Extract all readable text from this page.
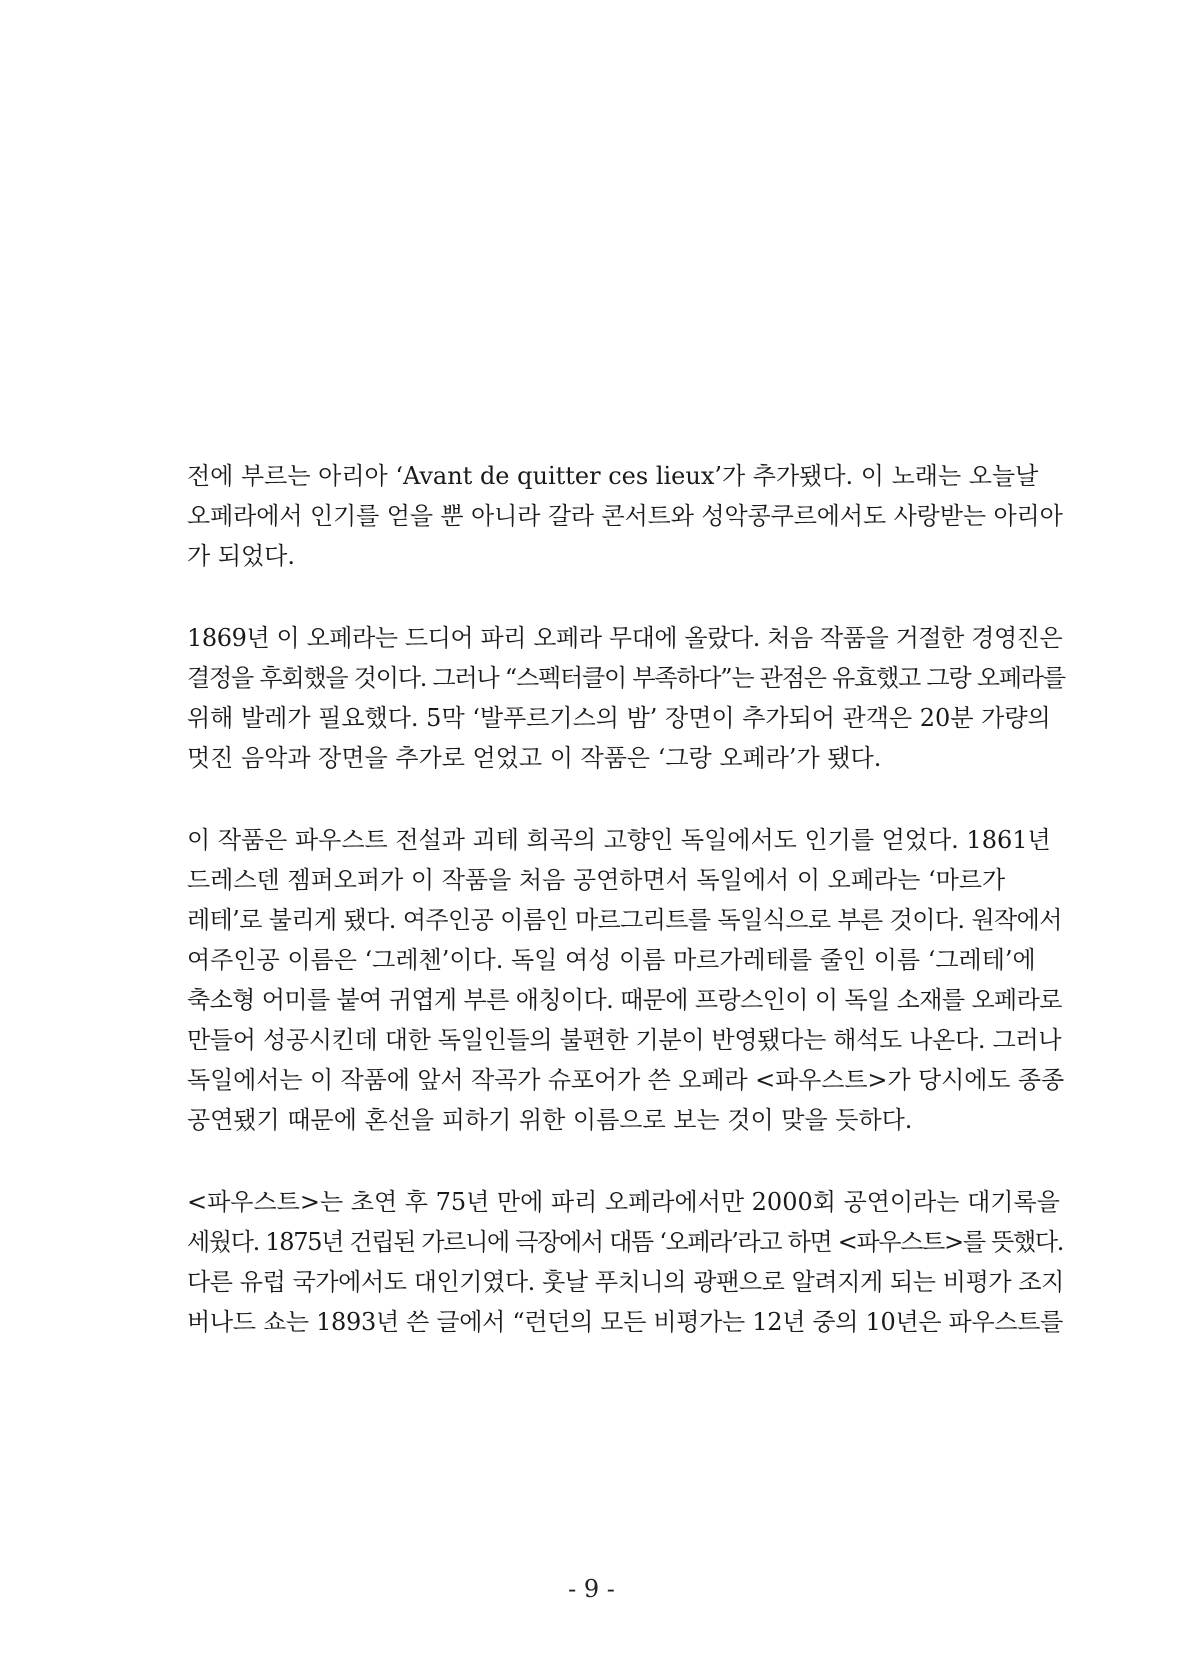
전에 부르는 아리아 ‘Avant de quitter ces lieux’가 추가됐다. 이 노래는 오늘날
오페라에서 인기를 얻을 뿐 아니라 갈라 콘서트와 성악콩쿠르에서도 사랑받는 아리아
가 되었다.
1869년 이 오페라는 드디어 파리 오페라 무대에 올랐다. 처음 작품을 거절한 경영진은
결정을 후회했을 것이다. 그러나 “스펙터클이 부족하다”는 관점은 유효했고 그랑 오페라를
위해 발레가 필요했다. 5막 ‘발푸르기스의 밤’ 장면이 추가되어 관객은 20분 가량의
멋진 음악과 장면을 추가로 얻었고 이 작품은 ‘그랑 오페라’가 됐다.
이 작품은 파우스트 전설과 괴테 희곡의 고향인 독일에서도 인기를 얻었다. 1861년
드레스덴 젬퍼오퍼가 이 작품을 처음 공연하면서 독일에서 이 오페라는 ‘마르가
레테’로 불리게 됐다. 여주인공 이름인 마르그리트를 독일식으로 부른 것이다. 원작에서
여주인공 이름은 ‘그레첸’이다. 독일 여성 이름 마르가레테를 줄인 이름 ‘그레테’에
축소형 어미를 붙여 귀엽게 부른 애칭이다. 때문에 프랑스인이 이 독일 소재를 오페라로
만들어 성공시킨데 대한 독일인들의 불편한 기분이 반영됐다는 해석도 나온다. 그러나
독일에서는 이 작품에 앞서 작곡가 슈포어가 쓴 오페라 <파우스트>가 당시에도 종종
공연됐기 때문에 혼선을 피하기 위한 이름으로 보는 것이 맞을 듯하다.
<파우스트>는 초연 후 75년 만에 파리 오페라에서만 2000회 공연이라는 대기록을
세웠다. 1875년 건립된 가르니에 극장에서 대뜸 ‘오페라’라고 하면 <파우스트>를 뜻했다.
다른 유럽 국가에서도 대인기였다. 훗날 푸치니의 광팬으로 알려지게 되는 비평가 조지
버나드 쇼는 1893년 쓴 글에서 “런던의 모든 비평가는 12년 중의 10년은 파우스트를
- 9 -
